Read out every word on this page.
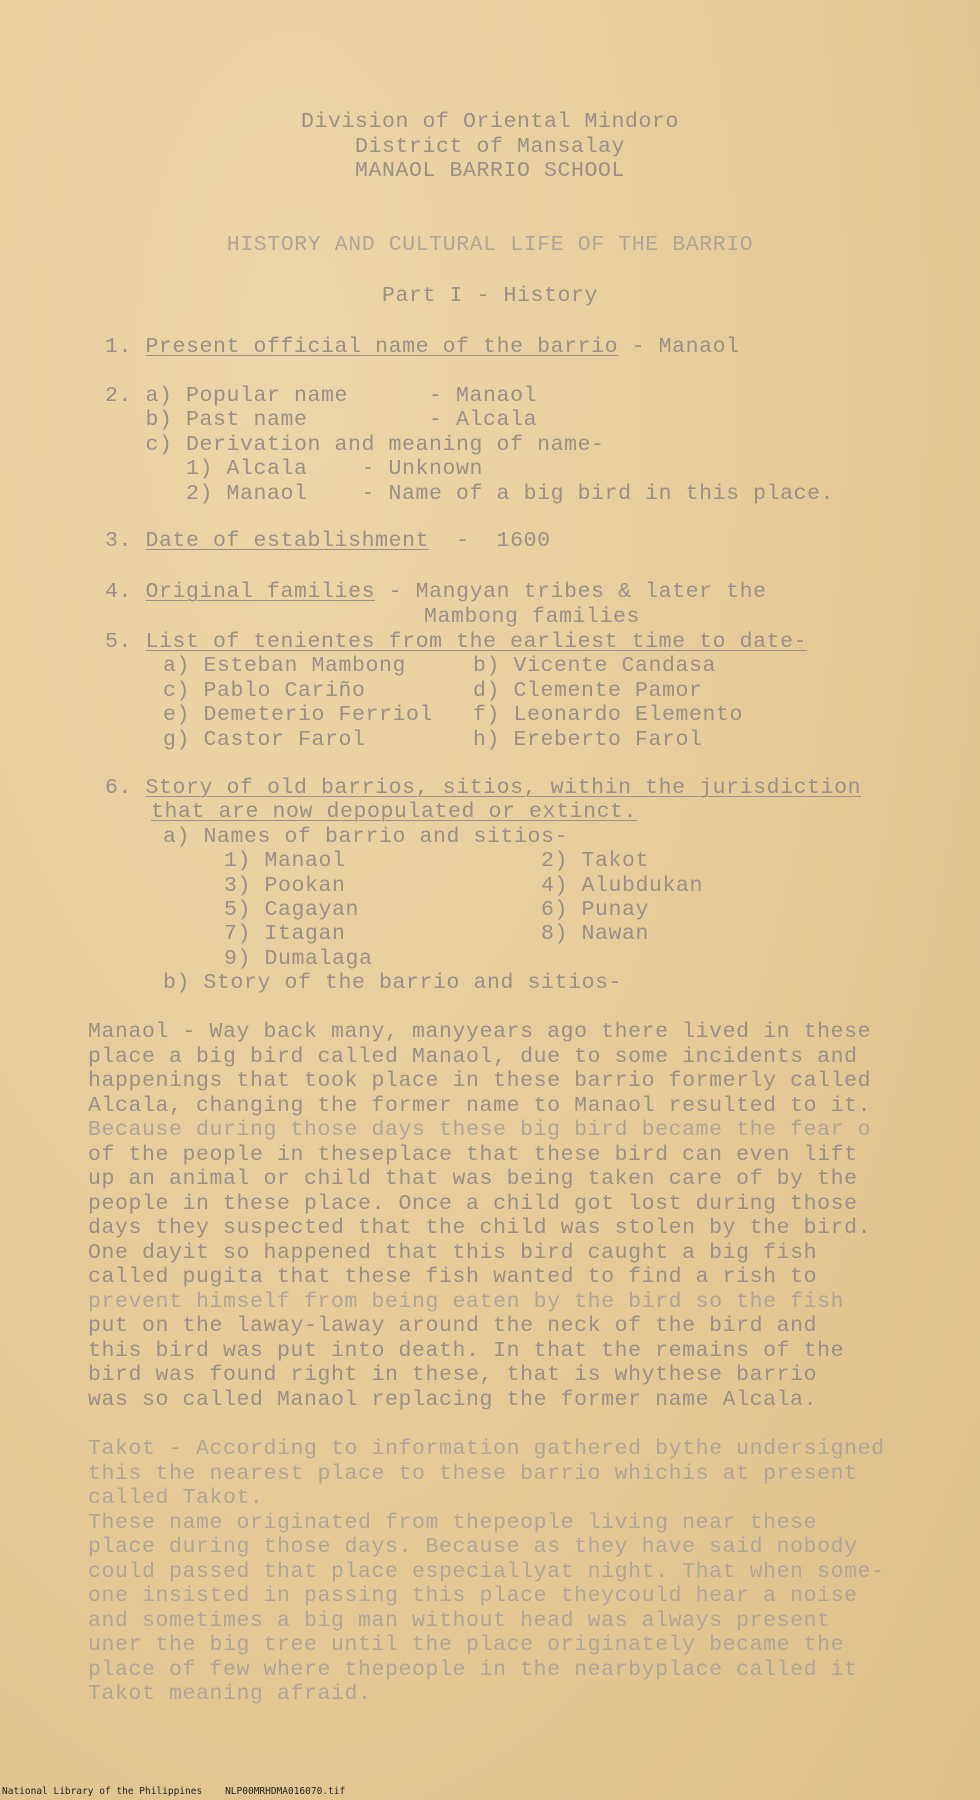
Division of Oriental Mindoro
District of Mansalay
MANAOL BARRIO SCHOOL
HISTORY AND CULTURAL LIFE OF THE BARRIO
Part I - History
1. Present official name of the barrio - Manaol
2. a) Popular name      - Manaol
b) Past name         - Alcala
c) Derivation and meaning of name-
1) Alcala    - Unknown
2) Manaol    - Name of a big bird in this place.
3. Date of establishment  -  1600
4. Original families - Mangyan tribes & later the
Mambong families
5. List of tenientes from the earliest time to date-
a) Esteban Mambong	b) Vicente Candasa
c) Pablo Cariño	d) Clemente Pamor
e) Demeterio Ferriol f) Leonardo Elemento
g) Castor Farol	h) Ereberto Farol
6. Story of old barrios, sitios, within the jurisdiction
that are now depopulated or extinct.
a) Names of barrio and sitios-
1) Manaol	2) Takot
3) Pookan	4) Alubdukan
5) Cagayan	6) Punay
7) Itagan	8) Nawan
9) Dumalaga
b) Story of the barrio and sitios-
Manaol - Way back many, manyyears ago there lived in these
place a big bird called Manaol, due to some incidents and
happenings that took place in these barrio formerly called
Alcala, changing the former name to Manaol resulted to it.
Because during those days these big bird became the fear o
of the people in theseplace that these bird can even lift
up an animal or child that was being taken care of by the
people in these place. Once a child got lost during those
days they suspected that the child was stolen by the bird.
One dayit so happened that this bird caught a big fish
called pugita that these fish wanted to find a rish to
prevent himself from being eaten by the bird so the fish
put on the laway-laway around the neck of the bird and
this bird was put into death. In that the remains of the
bird was found right in these, that is whythese barrio
was so called Manaol replacing the former name Alcala.
Takot - According to information gathered bythe undersigned
this the nearest place to these barrio whichis at present
called Takot.
These name originated from thepeople living near these
place during those days. Because as they have said nobody
could passed that place especiallyat night. That when some-
one insisted in passing this place theycould hear a noise
and sometimes a big man without head was always present
uner the big tree until the place originately became the
place of few where thepeople in the nearbyplace called it
Takot meaning afraid.
National Library of the Philippines NLP00MRHDMA016070.tif
